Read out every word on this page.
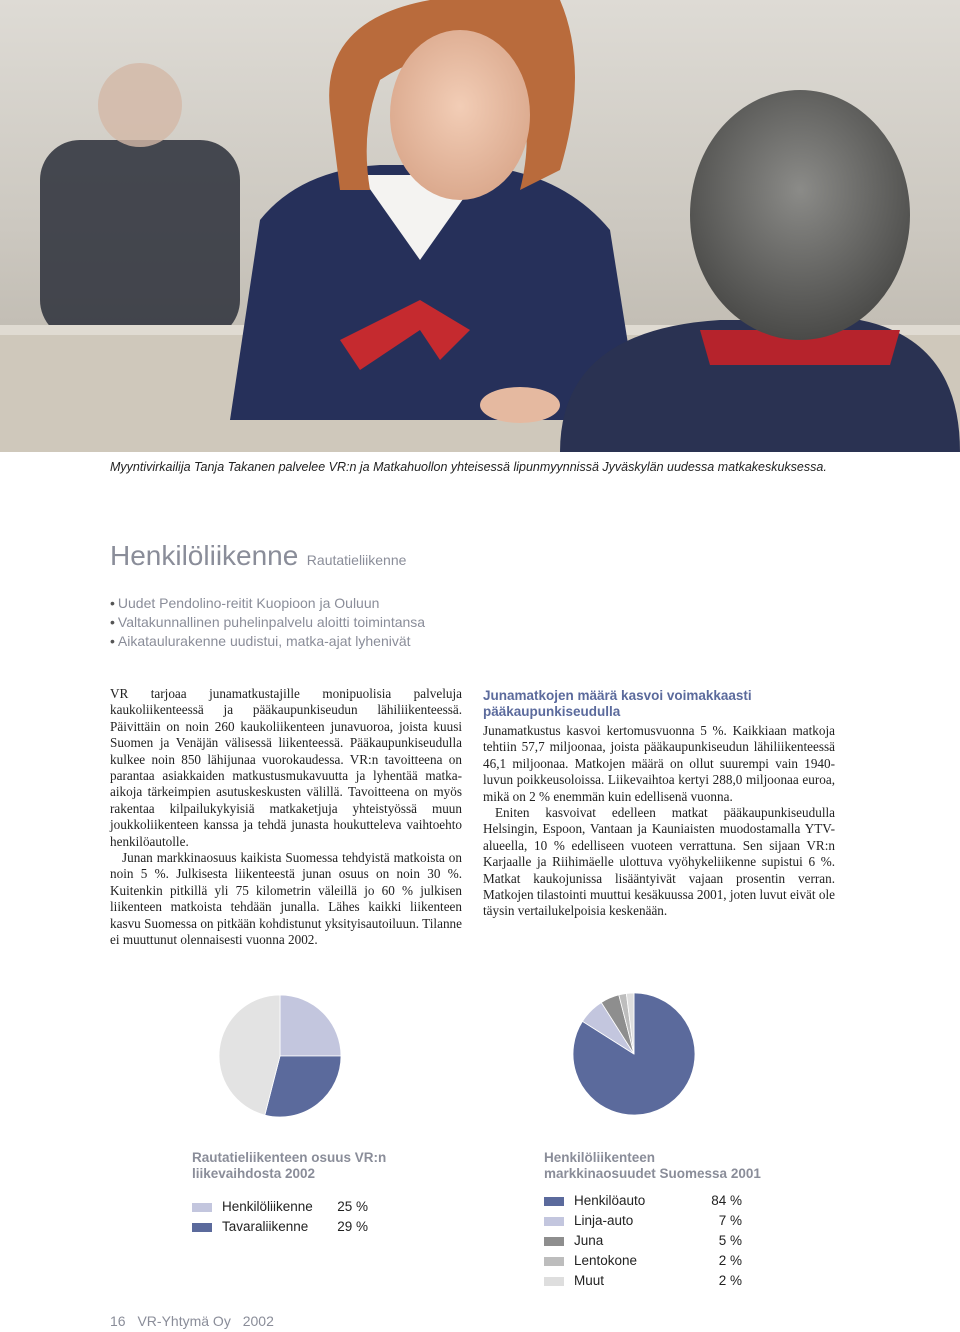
Myyntivirkailija Tanja Takanen palvelee VR:n ja Matkahuollon yhteisessä lipunmyynnissä Jyväskylän uudessa matkakeskuksessa.
Henkilöliikenne Rautatieliikenne
• Uudet Pendolino-reitit Kuopioon ja Ouluun
• Valtakunnallinen puhelinpalvelu aloitti toimintansa
• Aikataulurakenne uudistui, matka-ajat lyhenivät

VR tarjoaa junamatkustajille monipuolisia palveluja kaukoliikenteessä ja pääkaupunkiseudun lähiliikenteessä. Päivittäin on noin 260 kaukoliikenteen junavuoroa, joista kuusi Suomen ja Venäjän välisessä liikenteessä. Pääkaupunkiseudulla kulkee noin 850 lähijunaa vuorokaudessa. VR:n tavoitteena on parantaa asiakkaiden matkustusmukavuutta ja lyhentää matka-aikoja tärkeimpien asutuskeskusten välillä. Tavoitteena on myös rakentaa kilpailukykyisiä matkaketjuja yhteistyössä muun joukkoliikenteen kanssa ja tehdä junasta houkutteleva vaihtoehto henkilöautolle.

Junan markkinaosuus kaikista Suomessa tehdyistä matkoista on noin 5 %. Julkisesta liikenteestä junan osuus on noin 30 %. Kuitenkin pitkillä yli 75 kilometrin väleillä jo 60 % julkisen liikenteen matkoista tehdään junalla. Lähes kaikki liikenteen kasvu Suomessa on pitkään kohdistunut yksityisautoiluun. Tilanne ei muuttunut olennaisesti vuonna 2002.

Junamatkojen määrä kasvoi voimakkaasti pääkaupunkiseudulla

Junamatkustus kasvoi kertomusvuonna 5 %. Kaikkiaan matkoja tehtiin 57,7 miljoonaa, joista pääkaupunkiseudun lähiliikenteessä 46,1 miljoonaa. Matkojen määrä on ollut suurempi vain 1940-luvun poikkeusoloissa. Liikevaihtoa kertyi 288,0 miljoonaa euroa, mikä on 2 % enemmän kuin edellisenä vuonna.

Eniten kasvoivat edelleen matkat pääkaupunkiseudulla Helsingin, Espoon, Vantaan ja Kauniaisten muodostamalla YTV-alueella, 10 % edelliseen vuoteen verrattuna. Sen sijaan VR:n Karjaalle ja Riihimäelle ulottuva vyöhykeliikenne supistui 6 %. Matkat kaukojunissa lisääntyivät vajaan prosentin verran. Matkojen tilastointi muuttui kesäkuussa 2001, joten luvut eivät ole täysin vertailukelpoisia keskenään.

Rautatieliikenteen osuus VR:n liikevaihdosta 2002
Henkilöliikenne 25 %
Tavaraliikenne 29 %
Henkilöliikenteen markkinaosuudet Suomessa 2001
Henkilöauto	84 %
Linja-auto	7 %
Juna	5 %
Lentokone	2 %
Muut	2 %
16 VR-Yhtymä Oy 2002
